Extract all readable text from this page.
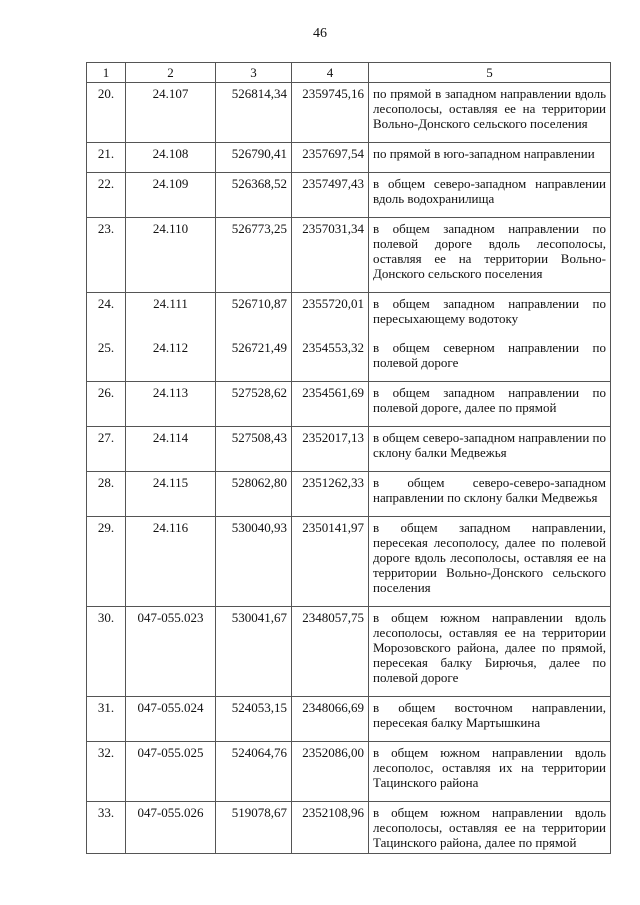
46
1	2	3	4	5
20.	24.107	526814,34	2359745,16	по прямой в западном направлении вдоль лесополосы, оставляя ее на территории Вольно-Донского сельского поселения
21.	24.108	526790,41	2357697,54	по прямой в юго-западном направлении
22.	24.109	526368,52	2357497,43	в общем северо-западном направлении вдоль водохранилища
23.	24.110	526773,25	2357031,34	в общем западном направлении по полевой дороге вдоль лесополосы, оставляя ее на территории Вольно-Донского сельского поселения
24.	24.111	526710,87	2355720,01	в общем западном направлении по пересыхающему водотоку
25.	24.112	526721,49	2354553,32	в общем северном направлении по полевой дороге
26.	24.113	527528,62	2354561,69	в общем западном направлении по полевой дороге, далее по прямой
27.	24.114	527508,43	2352017,13	в общем северо-западном направлении по склону балки Медвежья
28.	24.115	528062,80	2351262,33	в общем северо-северо-западном направлении по склону балки Медвежья
29.	24.116	530040,93	2350141,97	в общем западном направлении, пересекая лесополосу, далее по полевой дороге вдоль лесополосы, оставляя ее на территории Вольно-Донского сельского поселения
30.	047-055.023	530041,67	2348057,75	в общем южном направлении вдоль лесополосы, оставляя ее на территории Морозовского района, далее по прямой, пересекая балку Бирючья, далее по полевой дороге
31.	047-055.024	524053,15	2348066,69	в общем восточном направлении, пересекая балку Мартышкина
32.	047-055.025	524064,76	2352086,00	в общем южном направлении вдоль лесополос, оставляя их на территории Тацинского района
33.	047-055.026	519078,67	2352108,96	в общем южном направлении вдоль лесополосы, оставляя ее на территории Тацинского района, далее по прямой
